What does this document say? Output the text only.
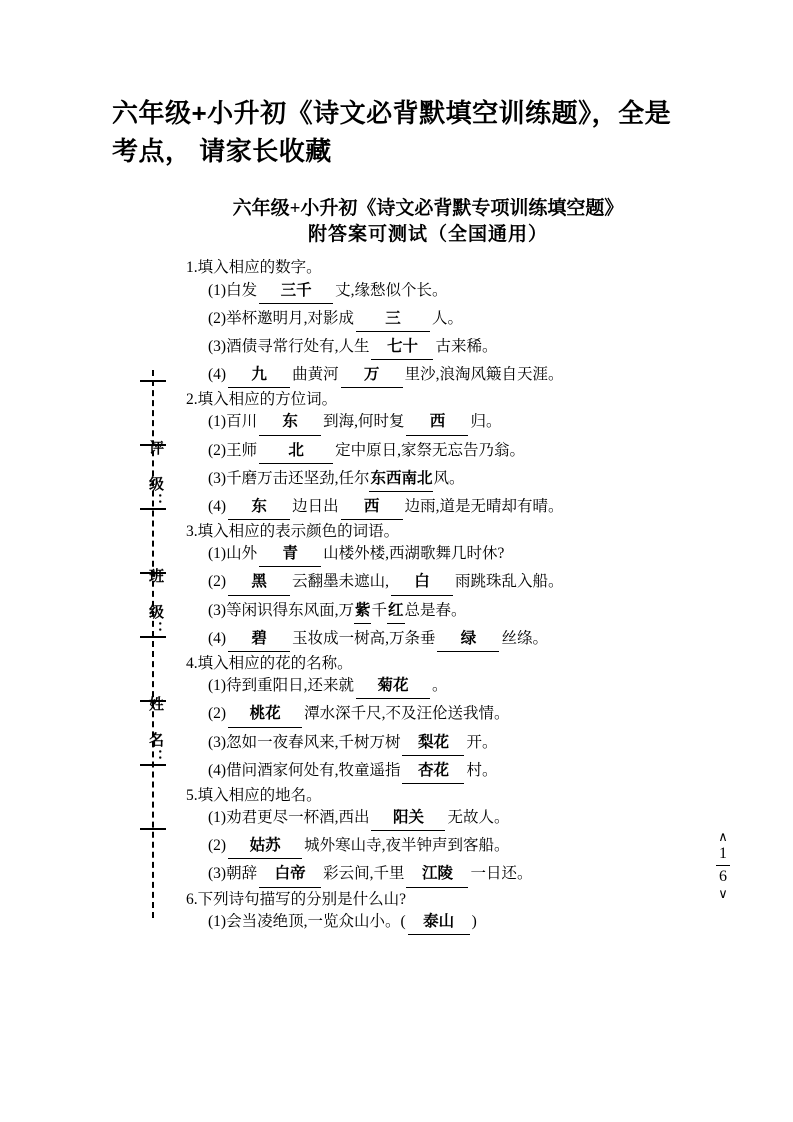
六年级+小升初《诗文必背默填空训练题》，全是考点， 请家长收藏
六年级+小升初《诗文必背默专项训练填空题》
附答案可测试（全国通用）
评 级：
班 级：
姓 名：
1.填入相应的数字。
(1)白发 三千 丈,缘愁似个长。
(2)举杯邀明月,对影成 三 人。
(3)酒债寻常行处有,人生 七十 古来稀。
(4) 九 曲黄河 万 里沙,浪淘风簸自天涯。
2.填入相应的方位词。
(1)百川 东 到海,何时复 西 归。
(2)王师 北 定中原日,家祭无忘告乃翁。
(3)千磨万击还坚劲,任尔东西南北风。
(4) 东 边日出 西 边雨,道是无晴却有晴。
3.填入相应的表示颜色的词语。
(1)山外 青 山楼外楼,西湖歌舞几时休?
(2) 黑 云翻墨未遮山, 白 雨跳珠乱入船。
(3)等闲识得东风面,万紫千红总是春。
(4) 碧 玉妆成一树高,万条垂 绿 丝绦。
4.填入相应的花的名称。
(1)待到重阳日,还来就 菊花 。
(2) 桃花 潭水深千尺,不及汪伦送我情。
(3)忽如一夜春风来,千树万树 梨花 开。
(4)借问酒家何处有,牧童遥指 杏花 村。
5.填入相应的地名。
(1)劝君更尽一杯酒,西出 阳关 无故人。
(2) 姑苏 城外寒山寺,夜半钟声到客船。
(3)朝辞 白帝 彩云间,千里 江陵 一日还。
6.下列诗句描写的分别是什么山?
(1)会当凌绝顶,一览众山小。( 泰山 )
∧
1
6
∨
